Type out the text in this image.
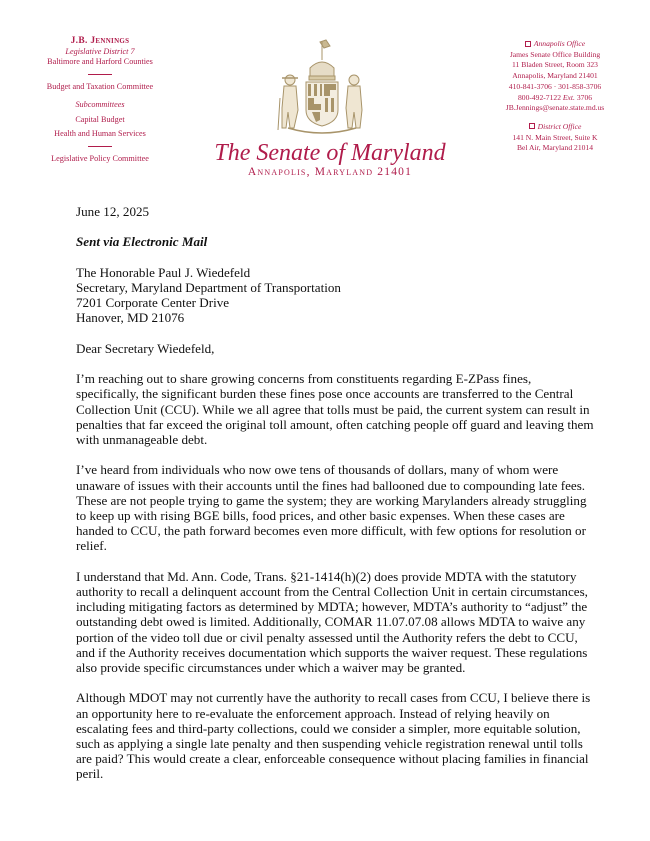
J.B. Jennings
Legislative District 7
Baltimore and Harford Counties
Budget and Taxation Committee
Subcommittees
Capital Budget
Health and Human Services
Legislative Policy Committee	The Senate of Maryland
Annapolis, Maryland 21401
Annapolis Office
James Senate Office Building
11 Bladen Street, Room 323
Annapolis, Maryland 21401
410-841-3706 · 301-858-3706
800-492-7122 Ext. 3706
JB.Jennings@senate.state.md.us
District Office
141 N. Main Street, Suite K
Bel Air, Maryland 21014

June 12, 2025

Sent via Electronic Mail

The Honorable Paul J. Wiedefeld
Secretary, Maryland Department of Transportation
7201 Corporate Center Drive
Hanover, MD 21076

Dear Secretary Wiedefeld,

I’m reaching out to share growing concerns from constituents regarding E-ZPass fines, specifically, the significant burden these fines pose once accounts are transferred to the Central Collection Unit (CCU). While we all agree that tolls must be paid, the current system can result in penalties that far exceed the original toll amount, often catching people off guard and leaving them with unmanageable debt.

I’ve heard from individuals who now owe tens of thousands of dollars, many of whom were unaware of issues with their accounts until the fines had ballooned due to compounding late fees. These are not people trying to game the system; they are working Marylanders already struggling to keep up with rising BGE bills, food prices, and other basic expenses. When these cases are handed to CCU, the path forward becomes even more difficult, with few options for resolution or relief.

I understand that Md. Ann. Code, Trans. §21-1414(h)(2) does provide MDTA with the statutory authority to recall a delinquent account from the Central Collection Unit in certain circumstances, including mitigating factors as determined by MDTA; however, MDTA’s authority to “adjust” the outstanding debt owed is limited. Additionally, COMAR 11.07.07.08 allows MDTA to waive any portion of the video toll due or civil penalty assessed until the Authority refers the debt to CCU, and if the Authority receives documentation which supports the waiver request. These regulations also provide specific circumstances under which a waiver may be granted.

Although MDOT may not currently have the authority to recall cases from CCU, I believe there is an opportunity here to re-evaluate the enforcement approach. Instead of relying heavily on escalating fees and third-party collections, could we consider a simpler, more equitable solution, such as applying a single late penalty and then suspending vehicle registration renewal until tolls are paid? This would create a clear, enforceable consequence without placing families in financial peril.
